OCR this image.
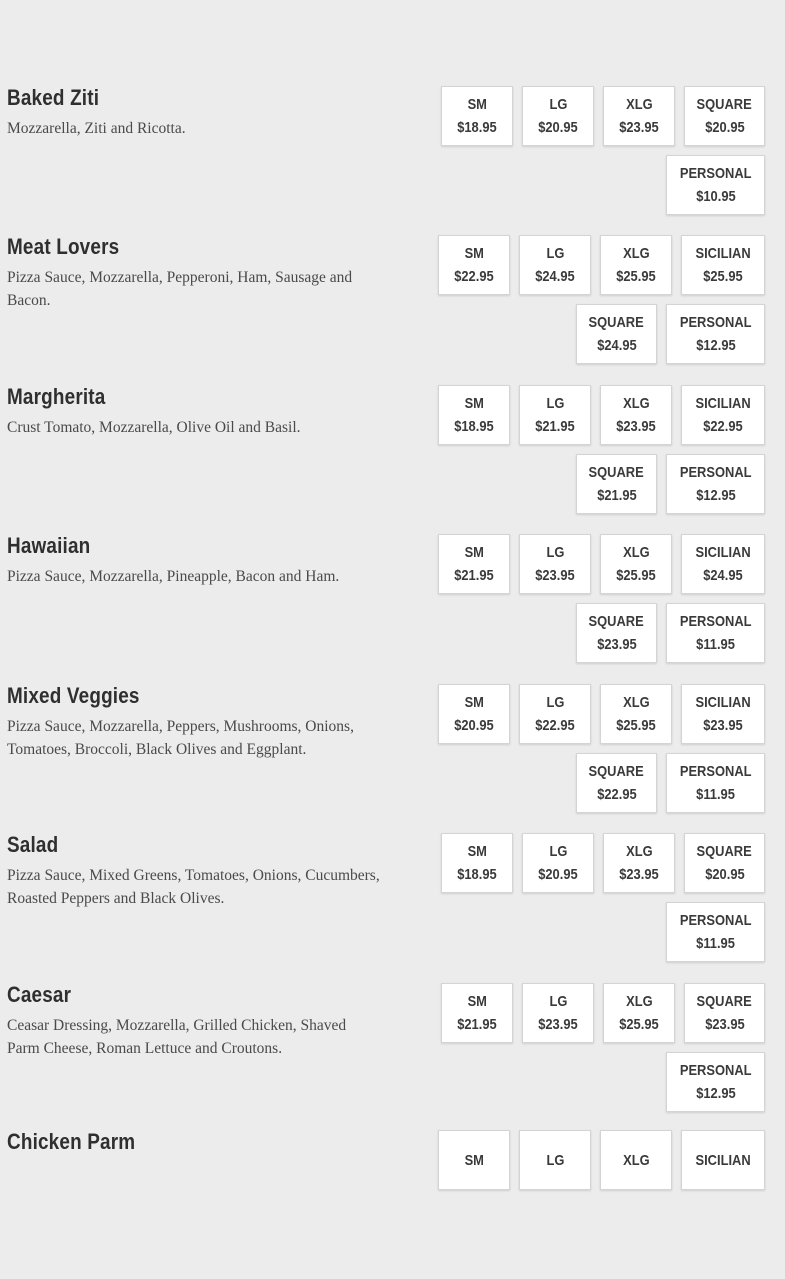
Baked Ziti
Mozzarella, Ziti and Ricotta.
SM
$18.95
LG
$20.95
XLG
$23.95
SQUARE
$20.95
PERSONAL
$10.95
Meat Lovers
Pizza Sauce, Mozzarella, Pepperoni, Ham, Sausage and Bacon.
SM
$22.95
LG
$24.95
XLG
$25.95
SICILIAN
$25.95
SQUARE
$24.95
PERSONAL
$12.95
Margherita
Crust Tomato, Mozzarella, Olive Oil and Basil.
SM
$18.95
LG
$21.95
XLG
$23.95
SICILIAN
$22.95
SQUARE
$21.95
PERSONAL
$12.95
Hawaiian
Pizza Sauce, Mozzarella, Pineapple, Bacon and Ham.
SM
$21.95
LG
$23.95
XLG
$25.95
SICILIAN
$24.95
SQUARE
$23.95
PERSONAL
$11.95
Mixed Veggies
Pizza Sauce, Mozzarella, Peppers, Mushrooms, Onions, Tomatoes, Broccoli, Black Olives and Eggplant.
SM
$20.95
LG
$22.95
XLG
$25.95
SICILIAN
$23.95
SQUARE
$22.95
PERSONAL
$11.95
Salad
Pizza Sauce, Mixed Greens, Tomatoes, Onions, Cucumbers, Roasted Peppers and Black Olives.
SM
$18.95
LG
$20.95
XLG
$23.95
SQUARE
$20.95
PERSONAL
$11.95
Caesar
Ceasar Dressing, Mozzarella, Grilled Chicken, Shaved Parm Cheese, Roman Lettuce and Croutons.
SM
$21.95
LG
$23.95
XLG
$25.95
SQUARE
$23.95
PERSONAL
$12.95
Chicken Parm
SM	LG	XLG	SICILIAN
